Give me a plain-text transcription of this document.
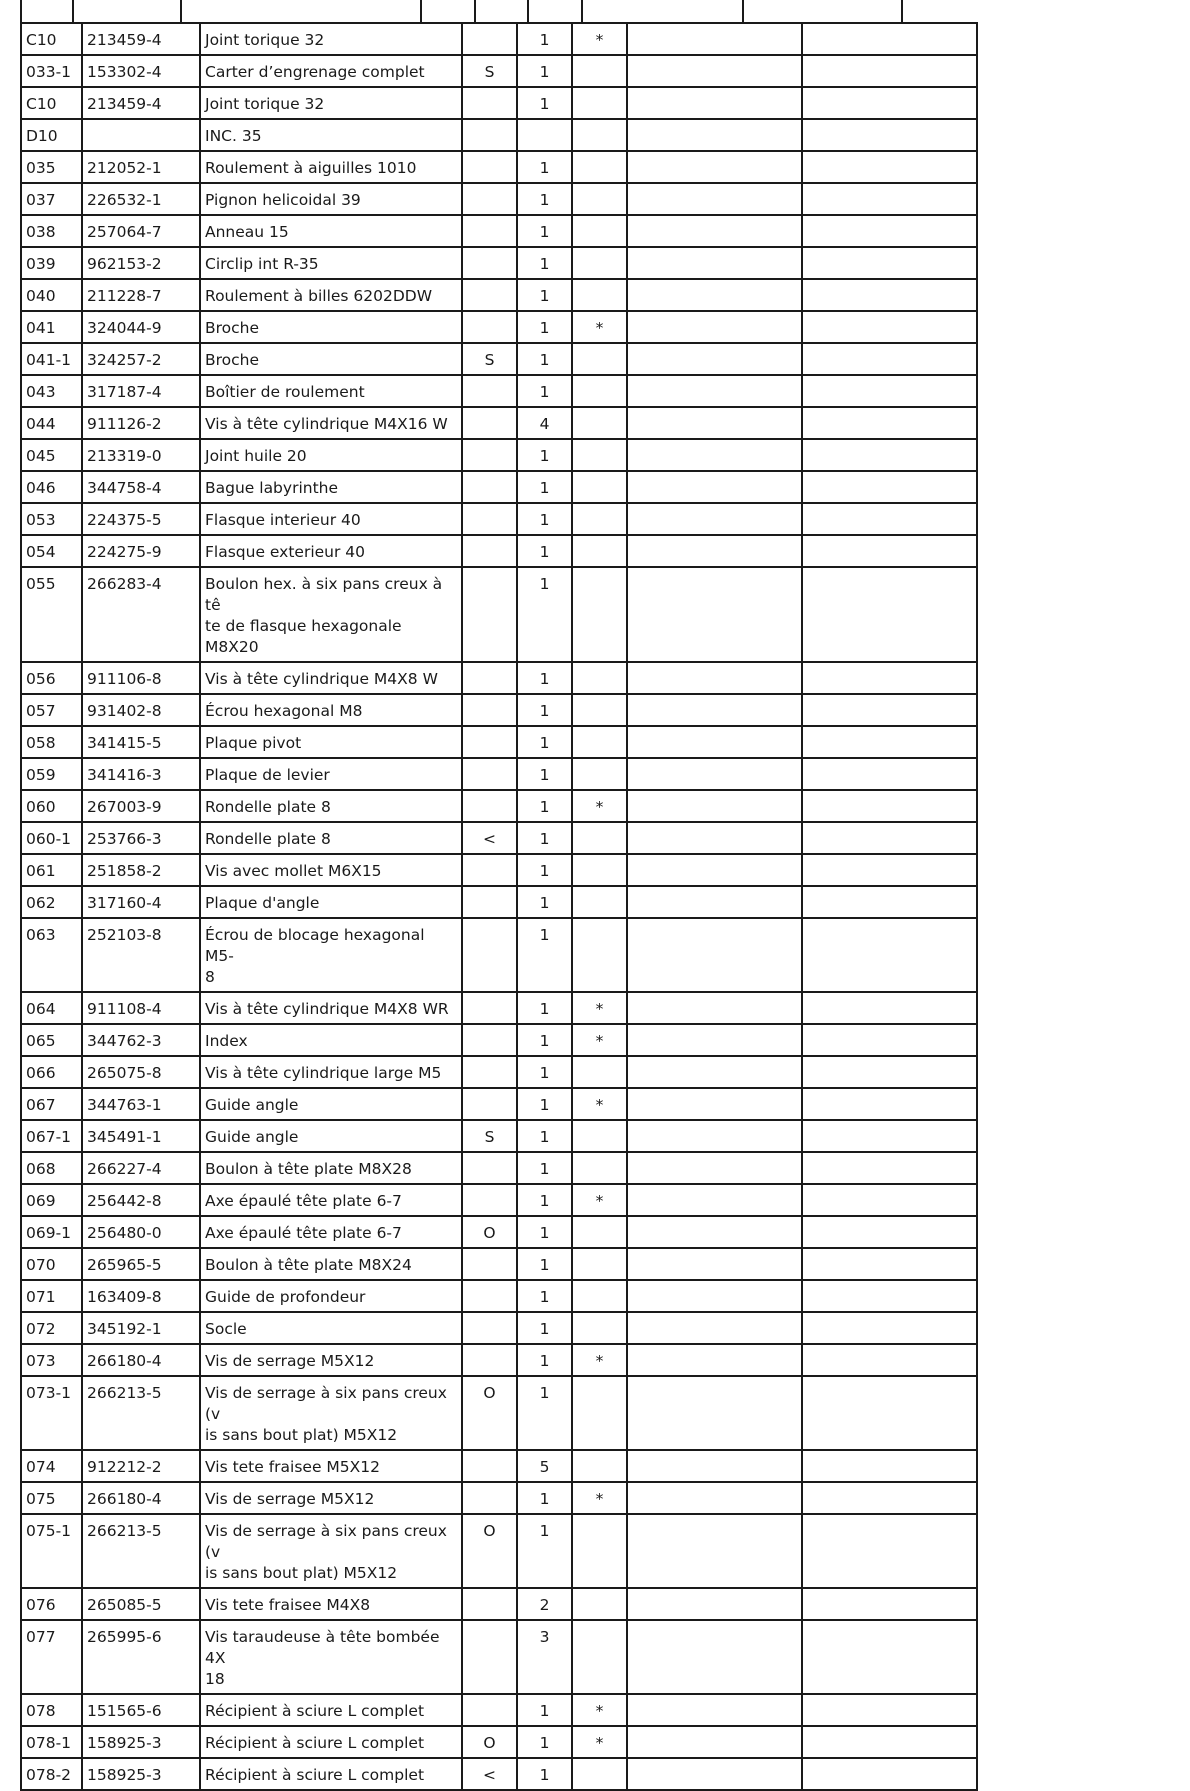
C10	213459-4	Joint torique 32		1	*		
033-1	153302-4	Carter d’engrenage complet	S	1			
C10	213459-4	Joint torique 32		1			
D10		INC. 35					
035	212052-1	Roulement à aiguilles 1010		1			
037	226532-1	Pignon helicoidal 39		1			
038	257064-7	Anneau 15		1			
039	962153-2	Circlip int R-35		1			
040	211228-7	Roulement à billes 6202DDW		1			
041	324044-9	Broche		1	*		
041-1	324257-2	Broche	S	1			
043	317187-4	Boîtier de roulement		1			
044	911126-2	Vis à tête cylindrique M4X16 W		4			
045	213319-0	Joint huile 20		1			
046	344758-4	Bague labyrinthe		1			
053	224375-5	Flasque interieur 40		1			
054	224275-9	Flasque exterieur 40		1			
055	266283-4	Boulon hex. à six pans creux à tê
te de flasque hexagonale M8X20		1			
056	911106-8	Vis à tête cylindrique M4X8 W		1			
057	931402-8	Écrou hexagonal M8		1			
058	341415-5	Plaque pivot		1			
059	341416-3	Plaque de levier		1			
060	267003-9	Rondelle plate 8		1	*		
060-1	253766-3	Rondelle plate 8	<	1			
061	251858-2	Vis avec mollet M6X15		1			
062	317160-4	Plaque d'angle		1			
063	252103-8	Écrou de blocage hexagonal M5-
8		1			
064	911108-4	Vis à tête cylindrique M4X8 WR		1	*		
065	344762-3	Index		1	*		
066	265075-8	Vis à tête cylindrique large M5		1			
067	344763-1	Guide angle		1	*		
067-1	345491-1	Guide angle	S	1			
068	266227-4	Boulon à tête plate M8X28		1			
069	256442-8	Axe épaulé tête plate 6-7		1	*		
069-1	256480-0	Axe épaulé tête plate 6-7	O	1			
070	265965-5	Boulon à tête plate M8X24		1			
071	163409-8	Guide de profondeur		1			
072	345192-1	Socle		1			
073	266180-4	Vis de serrage M5X12		1	*		
073-1	266213-5	Vis de serrage à six pans creux (v
is sans bout plat) M5X12	O	1			
074	912212-2	Vis tete fraisee M5X12		5			
075	266180-4	Vis de serrage M5X12		1	*		
075-1	266213-5	Vis de serrage à six pans creux (v
is sans bout plat) M5X12	O	1			
076	265085-5	Vis tete fraisee M4X8		2			
077	265995-6	Vis taraudeuse à tête bombée 4X
18		3			
078	151565-6	Récipient à sciure L complet		1	*		
078-1	158925-3	Récipient à sciure L complet	O	1	*		
078-2	158925-3	Récipient à sciure L complet	<	1			
